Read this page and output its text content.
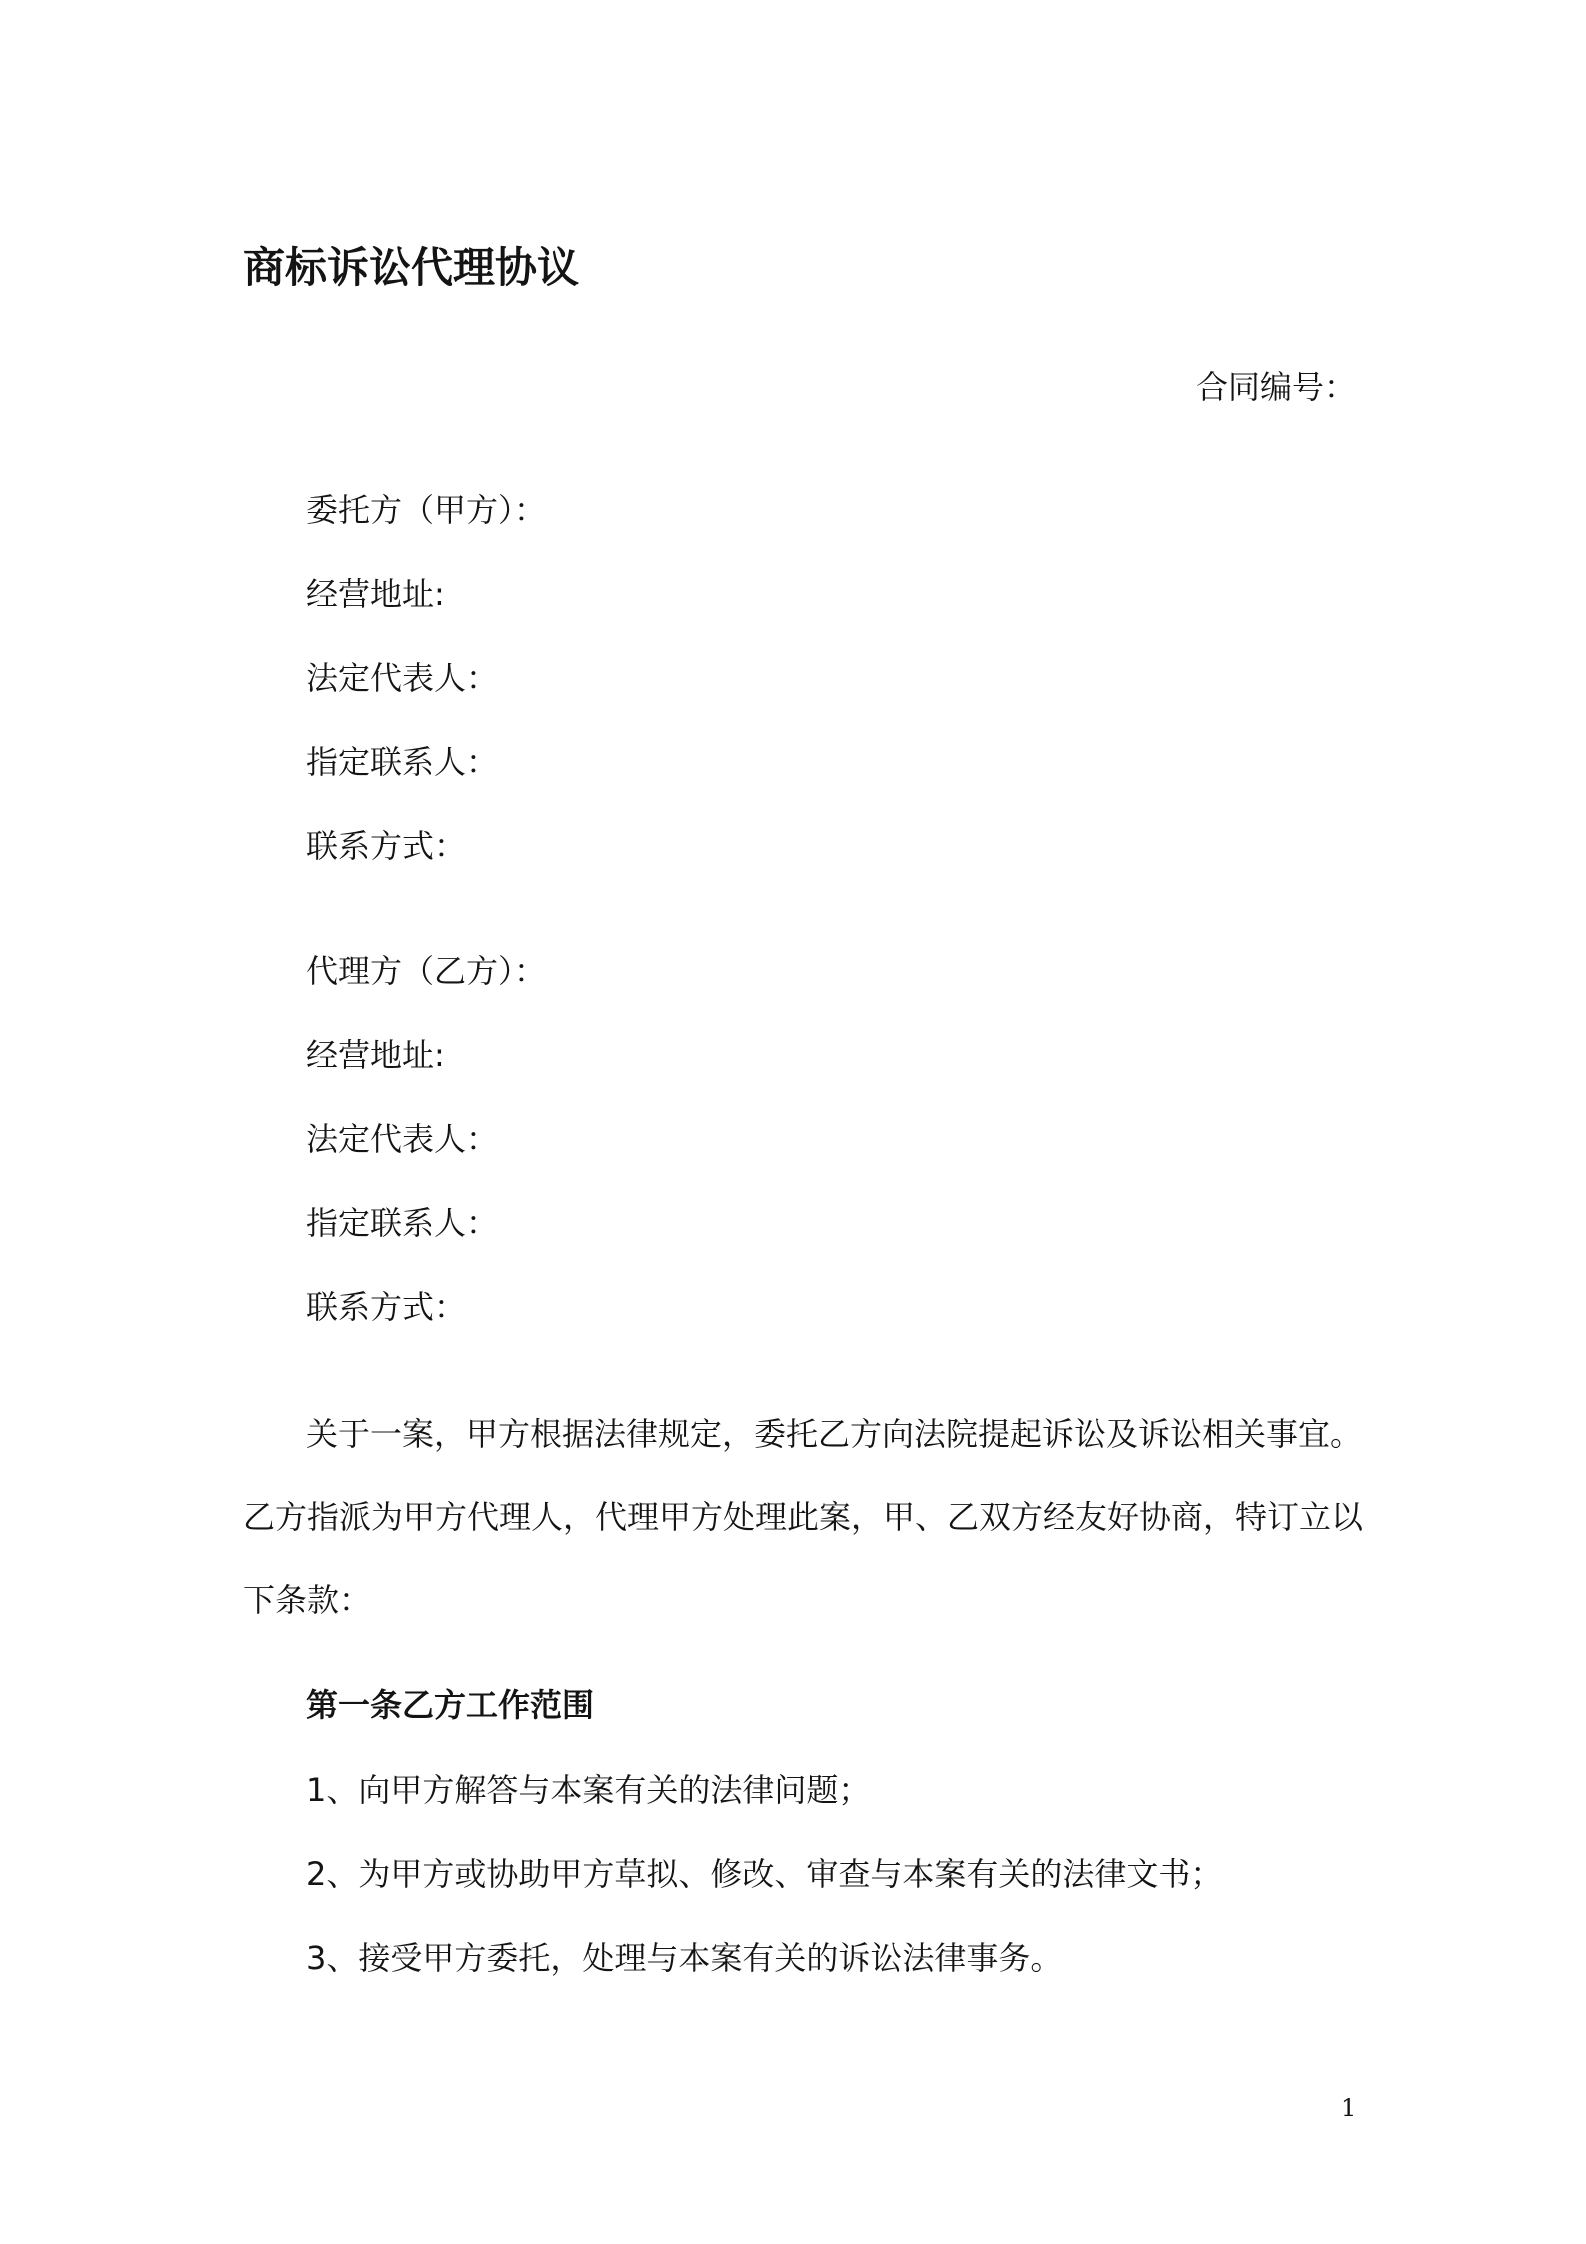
商标诉讼代理协议
合同编号：
委托方（甲方）：
经营地址:
法定代表人：
指定联系人：
联系方式：
代理方（乙方）：
经营地址:
法定代表人：
指定联系人：
联系方式：
关于一案，甲方根据法律规定，委托乙方向法院提起诉讼及诉讼相关事宜。乙方指派为甲方代理人，代理甲方处理此案，甲、乙双方经友好协商，特订立以下条款：
第一条乙方工作范围
1、向甲方解答与本案有关的法律问题；
2、为甲方或协助甲方草拟、修改、审查与本案有关的法律文书；
3、接受甲方委托，处理与本案有关的诉讼法律事务。
1
